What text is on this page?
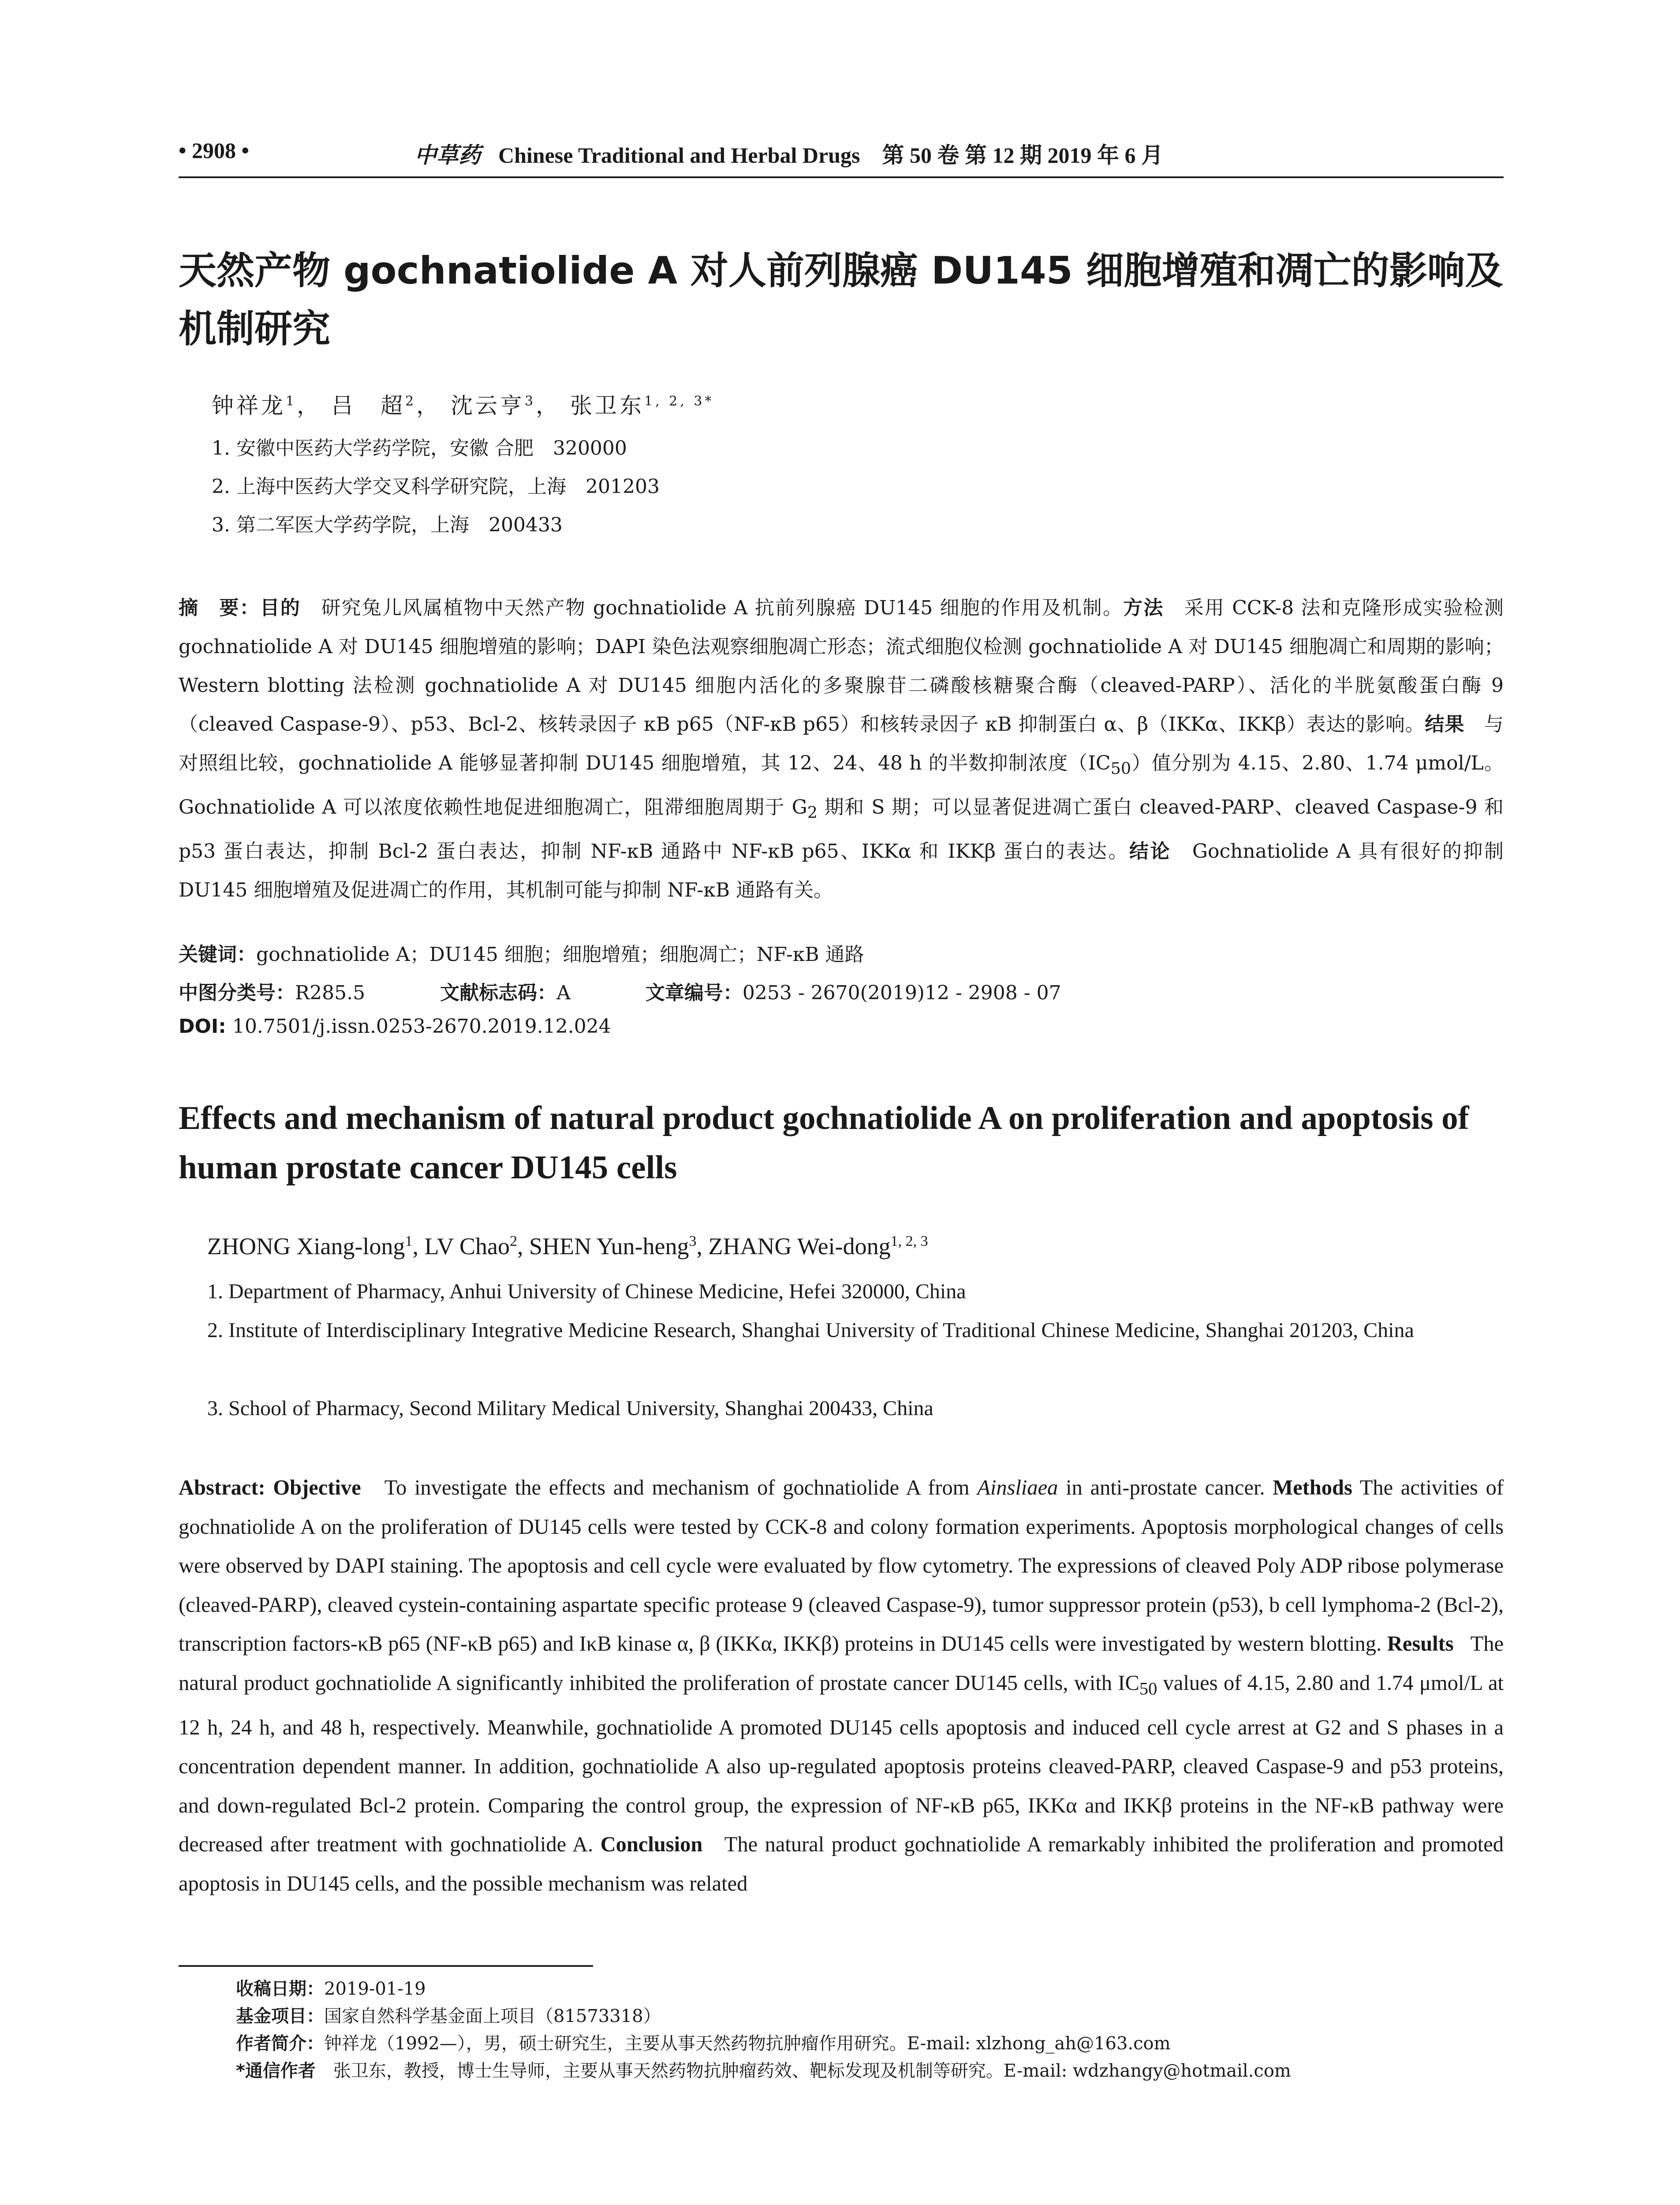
• 2908 •	中草药 Chinese Traditional and Herbal Drugs　 第 50 卷 第 12 期 2019 年 6 月
天然产物 gochnatiolide A 对人前列腺癌 DU145 细胞增殖和凋亡的影响及机制研究
钟祥龙$^1$， 吕　超$^2$， 沈云亨$^3$， 张卫东$^{1, 2, 3*}$
1. 安徽中医药大学药学院，安徽 合肥　320000
2. 上海中医药大学交叉科学研究院，上海　201203
3. 第二军医大学药学院，上海　200433
摘　要：目的　 研究兔儿风属植物中天然产物 gochnatiolide A 抗前列腺癌 DU145 细胞的作用及机制。方法　 采用 CCK-8 法和克隆形成实验检测 gochnatiolide A 对 DU145 细胞增殖的影响；DAPI 染色法观察细胞凋亡形态；流式细胞仪检测 gochnatiolide A 对 DU145 细胞凋亡和周期的影响；Western blotting 法检测 gochnatiolide A 对 DU145 细胞内活化的多聚腺苷二磷酸核糖聚合酶（cleaved-PARP）、活化的半胱氨酸蛋白酶 9（cleaved Caspase-9）、p53、Bcl-2、核转录因子 κB p65（NF-κB p65）和核转录因子 κB 抑制蛋白 α、β（IKKα、IKKβ）表达的影响。结果　 与对照组比较，gochnatiolide A 能够显著抑制 DU145 细胞增殖，其 12、24、48 h 的半数抑制浓度$(IC_{50})$值分别为 4.15、2.80、1.74 μmol/L。Gochnatiolide A 可以浓度依赖性地促进细胞凋亡，阻滞细胞周期于 $G_2$ 期和 S 期；可以显著促进凋亡蛋白 cleaved-PARP、cleaved Caspase-9 和 p53 蛋白表达，抑制 Bcl-2 蛋白表达，抑制 NF-κB 通路中 NF-κB p65、IKKα 和 IKKβ 蛋白的表达。结论　 Gochnatiolide A 具有很好的抑制 DU145 细胞增殖及促进凋亡的作用，其机制可能与抑制 NF-κB 通路有关。
关键词：gochnatiolide A；DU145 细胞；细胞增殖；细胞凋亡；NF-κB 通路
中图分类号：R285.5	文献标志码：A	文章编号：0253 - 2670(2019)12 - 2908 - 07
DOI: 10.7501/j.issn.0253-2670.2019.12.024
Effects and mechanism of natural product gochnatiolide A on proliferation and apoptosis of human prostate cancer DU145 cells
ZHONG Xiang-long$^1$, LV Chao$^2$, SHEN Yun-heng$^3$, ZHANG Wei-dong$^{1, 2, 3}$
1. Department of Pharmacy, Anhui University of Chinese Medicine, Hefei 320000, China
2. Institute of Interdisciplinary Integrative Medicine Research, Shanghai University of Traditional Chinese Medicine, Shanghai 201203, China
3. School of Pharmacy, Second Military Medical University, Shanghai 200433, China
Abstract: Objective To investigate the effects and mechanism of gochnatiolide A from Ainsliaea in anti-prostate cancer. Methods The activities of gochnatiolide A on the proliferation of DU145 cells were tested by CCK-8 and colony formation experiments. Apoptosis morphological changes of cells were observed by DAPI staining. The apoptosis and cell cycle were evaluated by flow cytometry. The expressions of cleaved Poly ADP ribose polymerase (cleaved-PARP), cleaved cystein-containing aspartate specific protease 9 (cleaved Caspase-9), tumor suppressor protein (p53), b cell lymphoma-2 (Bcl-2), transcription factors-κB p65 (NF-κB p65) and IκB kinase α, β (IKKα, IKKβ) proteins in DU145 cells were investigated by western blotting. Results The natural product gochnatiolide A significantly inhibited the proliferation of prostate cancer DU145 cells, with $IC_{50}$ values of 4.15, 2.80 and 1.74 μmol/L at 12 h, 24 h, and 48 h, respectively. Meanwhile, gochnatiolide A promoted DU145 cells apoptosis and induced cell cycle arrest at G2 and S phases in a concentration dependent manner. In addition, gochnatiolide A also up-regulated apoptosis proteins cleaved-PARP, cleaved Caspase-9 and p53 proteins, and down-regulated Bcl-2 protein. Comparing the control group, the expression of NF-κB p65, IKKα and IKKβ proteins in the NF-κB pathway were decreased after treatment with gochnatiolide A. Conclusion The natural product gochnatiolide A remarkably inhibited the proliferation and promoted apoptosis in DU145 cells, and the possible mechanism was related
收稿日期：2019-01-19
基金项目：国家自然科学基金面上项目（81573318）
作者简介：钟祥龙（1992—），男，硕士研究生，主要从事天然药物抗肿瘤作用研究。E-mail: xlzhong_ah@163.com
*通信作者　张卫东，教授，博士生导师，主要从事天然药物抗肿瘤药效、靶标发现及机制等研究。E-mail: wdzhangy@hotmail.com
